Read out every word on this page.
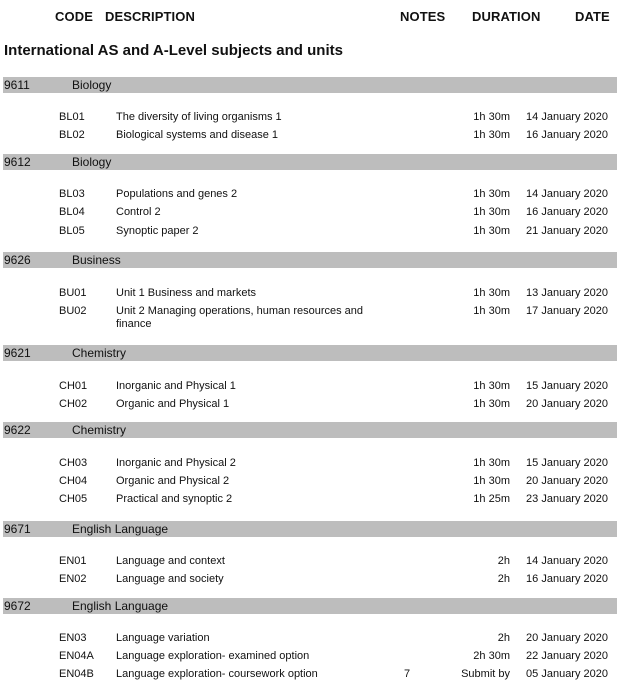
CODE DESCRIPTION	NOTES DURATION	DATE
International AS and A-Level subjects and units
9611	Biology
BL01	The diversity of living organisms 1	1h 30m 14 January 2020
BL02	Biological systems and disease 1	1h 30m 16 January 2020
9612	Biology
BL03	Populations and genes 2	1h 30m 14 January 2020
BL04	Control 2	1h 30m 16 January 2020
BL05	Synoptic paper 2	1h 30m 21 January 2020
9626	Business
BU01	Unit 1 Business and markets	1h 30m 13 January 2020
BU02	Unit 2 Managing operations, human resources and finance
1h 30m 17 January 2020
9621	Chemistry
CH01	Inorganic and Physical 1	1h 30m 15 January 2020
CH02	Organic and Physical 1	1h 30m 20 January 2020
9622	Chemistry
CH03	Inorganic and Physical 2	1h 30m 15 January 2020
CH04	Organic and Physical 2	1h 30m 20 January 2020
CH05	Practical and synoptic 2	1h 25m 23 January 2020
9671	English Language
EN01	Language and context	2h 14 January 2020
EN02	Language and society	2h 16 January 2020
9672	English Language
EN03	Language variation	2h 20 January 2020
EN04A Language exploration- examined option	2h 30m 22 January 2020
EN04B Language exploration- coursework option	7	Submit by 05 January 2020
